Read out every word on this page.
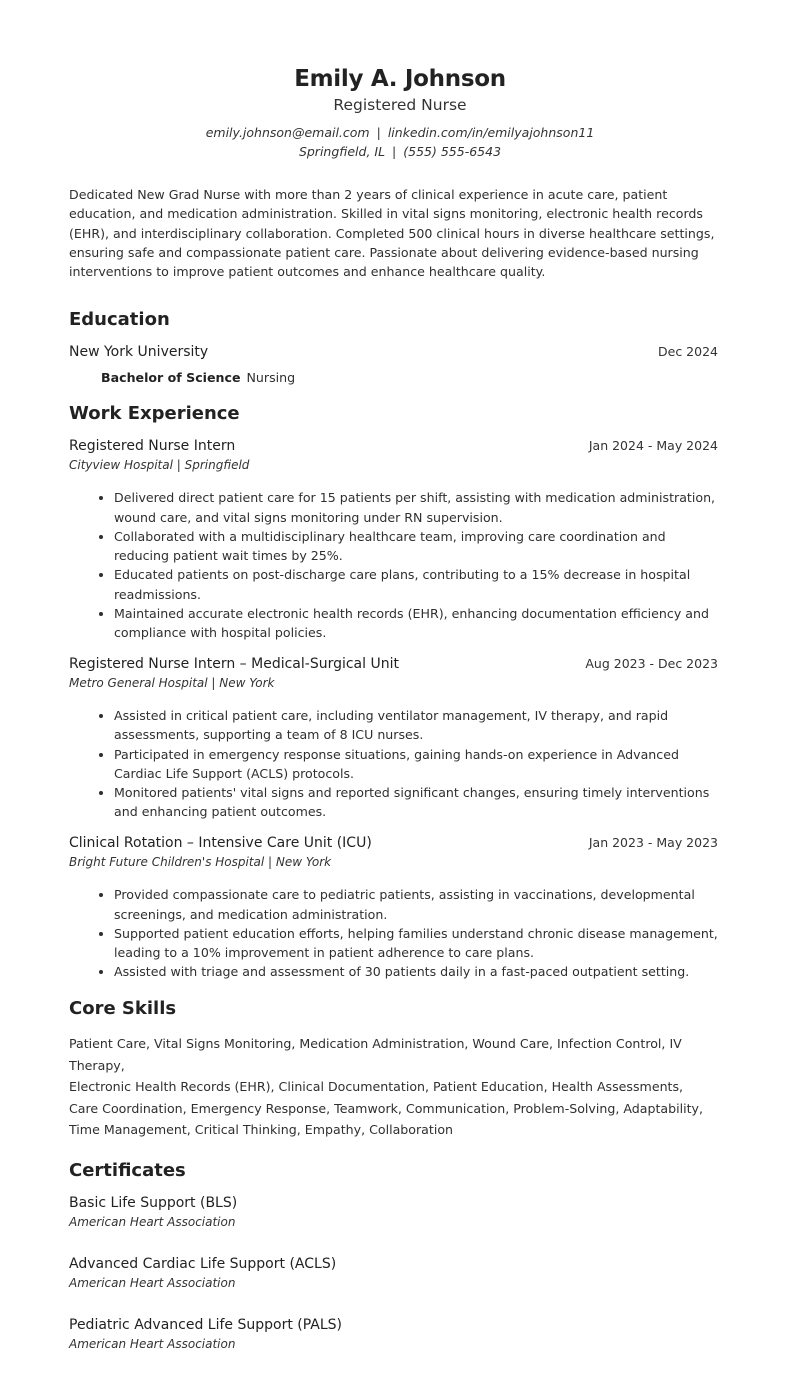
Emily A. Johnson
Registered Nurse
emily.johnson@email.com | linkedin.com/in/emilyajohnson11
Springfield, IL | (555) 555-6543
Dedicated New Grad Nurse with more than 2 years of clinical experience in acute care, patient education, and medication administration. Skilled in vital signs monitoring, electronic health records (EHR), and interdisciplinary collaboration. Completed 500 clinical hours in diverse healthcare settings, ensuring safe and compassionate patient care. Passionate about delivering evidence-based nursing interventions to improve patient outcomes and enhance healthcare quality.
Education
New York University	Dec 2024
Bachelor of Science Nursing
Work Experience
Registered Nurse Intern	Jan 2024 - May 2024
Cityview Hospital | Springfield
• Delivered direct patient care for 15 patients per shift, assisting with medication administration, wound care, and vital signs monitoring under RN supervision.
• Collaborated with a multidisciplinary healthcare team, improving care coordination and reducing patient wait times by 25%.
• Educated patients on post-discharge care plans, contributing to a 15% decrease in hospital readmissions.
• Maintained accurate electronic health records (EHR), enhancing documentation efficiency and compliance with hospital policies.
Registered Nurse Intern – Medical-Surgical Unit	Aug 2023 - Dec 2023
Metro General Hospital | New York
• Assisted in critical patient care, including ventilator management, IV therapy, and rapid assessments, supporting a team of 8 ICU nurses.
• Participated in emergency response situations, gaining hands-on experience in Advanced Cardiac Life Support (ACLS) protocols.
• Monitored patients' vital signs and reported significant changes, ensuring timely interventions and enhancing patient outcomes.
Clinical Rotation – Intensive Care Unit (ICU)	Jan 2023 - May 2023
Bright Future Children's Hospital | New York
• Provided compassionate care to pediatric patients, assisting in vaccinations, developmental screenings, and medication administration.
• Supported patient education efforts, helping families understand chronic disease management, leading to a 10% improvement in patient adherence to care plans.
• Assisted with triage and assessment of 30 patients daily in a fast-paced outpatient setting.
Core Skills
Patient Care, Vital Signs Monitoring, Medication Administration, Wound Care, Infection Control, IV Therapy,
Electronic Health Records (EHR), Clinical Documentation, Patient Education, Health Assessments,
Care Coordination, Emergency Response, Teamwork, Communication, Problem-Solving, Adaptability,
Time Management, Critical Thinking, Empathy, Collaboration
Certificates
Basic Life Support (BLS)
American Heart Association
Advanced Cardiac Life Support (ACLS)
American Heart Association
Pediatric Advanced Life Support (PALS)
American Heart Association
